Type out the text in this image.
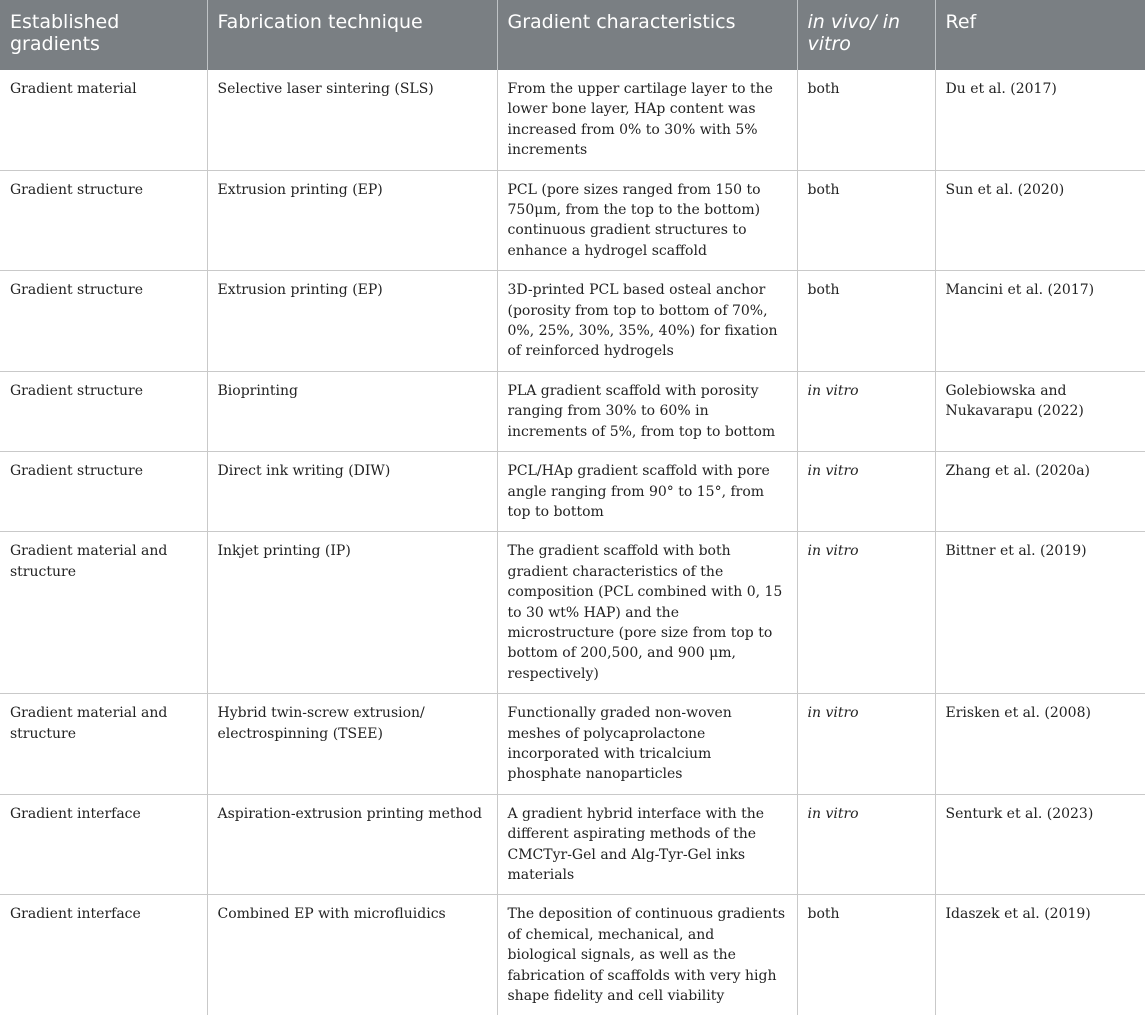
Established gradients	Fabrication technique	Gradient characteristics	in vivo/ in vitro	Ref
Gradient material	Selective laser sintering (SLS)	From the upper cartilage layer to the lower bone layer, HAp content was increased from 0% to 30% with 5% increments	both	Du et al. (2017)
Gradient structure	Extrusion printing (EP)	PCL (pore sizes ranged from 150 to 750μm, from the top to the bottom) continuous gradient structures to enhance a hydrogel scaffold	both	Sun et al. (2020)
Gradient structure	Extrusion printing (EP)	3D-printed PCL based osteal anchor (porosity from top to bottom of 70%, 0%, 25%, 30%, 35%, 40%) for fixation of reinforced hydrogels	both	Mancini et al. (2017)
Gradient structure	Bioprinting	PLA gradient scaffold with porosity ranging from 30% to 60% in increments of 5%, from top to bottom	in vitro	Golebiowska and Nukavarapu (2022)
Gradient structure	Direct ink writing (DIW)	PCL/HAp gradient scaffold with pore angle ranging from 90° to 15°, from top to bottom	in vitro	Zhang et al. (2020a)
Gradient material and structure	Inkjet printing (IP)	The gradient scaffold with both gradient characteristics of the composition (PCL combined with 0, 15 to 30 wt% HAP) and the microstructure (pore size from top to bottom of 200,500, and 900 μm, respectively)	in vitro	Bittner et al. (2019)
Gradient material and structure	Hybrid twin-screw extrusion/ electrospinning (TSEE)	Functionally graded non-woven meshes of polycaprolactone incorporated with tricalcium phosphate nanoparticles	in vitro	Erisken et al. (2008)
Gradient interface	Aspiration-extrusion printing method	A gradient hybrid interface with the different aspirating methods of the CMCTyr-Gel and Alg-Tyr-Gel inks materials	in vitro	Senturk et al. (2023)
Gradient interface	Combined EP with microfluidics	The deposition of continuous gradients of chemical, mechanical, and biological signals, as well as the fabrication of scaffolds with very high shape fidelity and cell viability	both	Idaszek et al. (2019)
